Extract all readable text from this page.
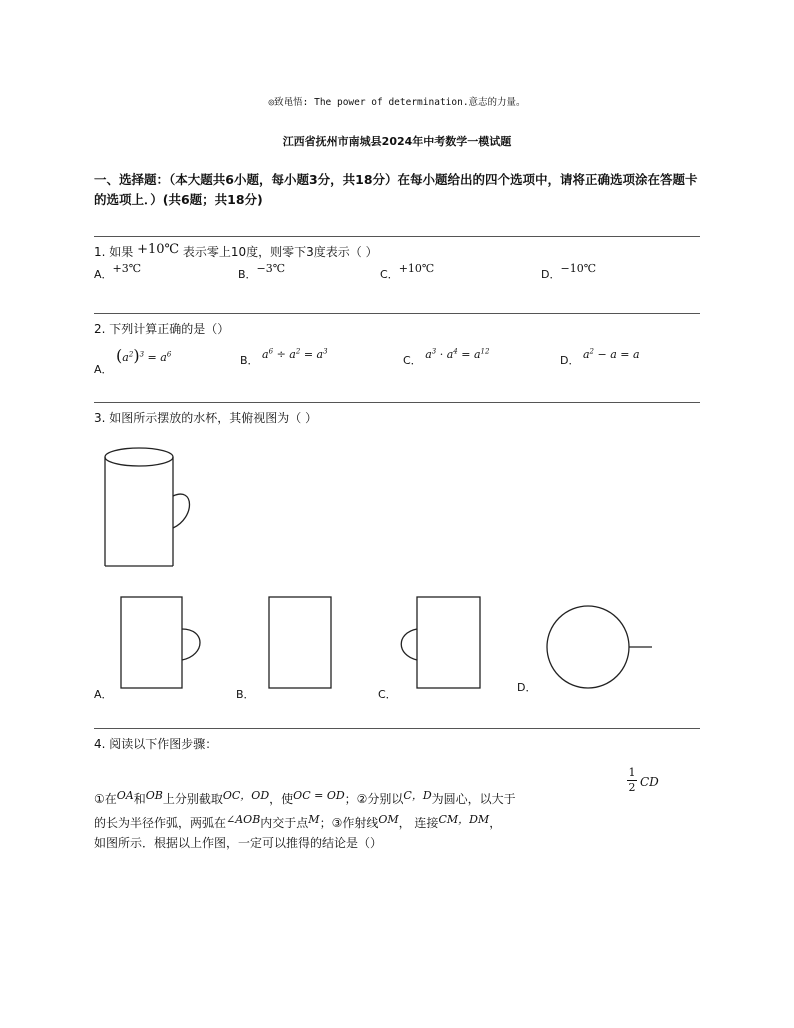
◎致黾悟: The power of determination.意志的力量。
江西省抚州市南城县2024年中考数学一模试题
一、选择题：（本大题共6小题，每小题3分，共18分）在每小题给出的四个选项中，请将正确选项涂在答题卡的选项上．）(共6题；共18分)
1. 如果 +10℃ 表示零上10度，则零下3度表示（ ）
A．+3℃	B．−3℃	C．+10℃	D．−10℃
2. 下列计算正确的是（）
A． $(a^2)^3 = a^6$	B． $a^6 \div a^2 = a^3$
C． $a^3 \cdot a^4 = a^{12}$
D． $a^2 - a = a$
3. 如图所示摆放的水杯，其俯视图为（ ）
A．	B．	C．
D．
4. 阅读以下作图步骤：
①在OA和OB上分别截取OC，OD，使OC = OD；②分别以C，D为圆心，以大于
$\frac{1}{2}$ CD
的长为半径作弧，两弧在∠AOB内交于点M；③作射线OM， 连接CM，DM，
如图所示．根据以上作图，一定可以推得的结论是（）
